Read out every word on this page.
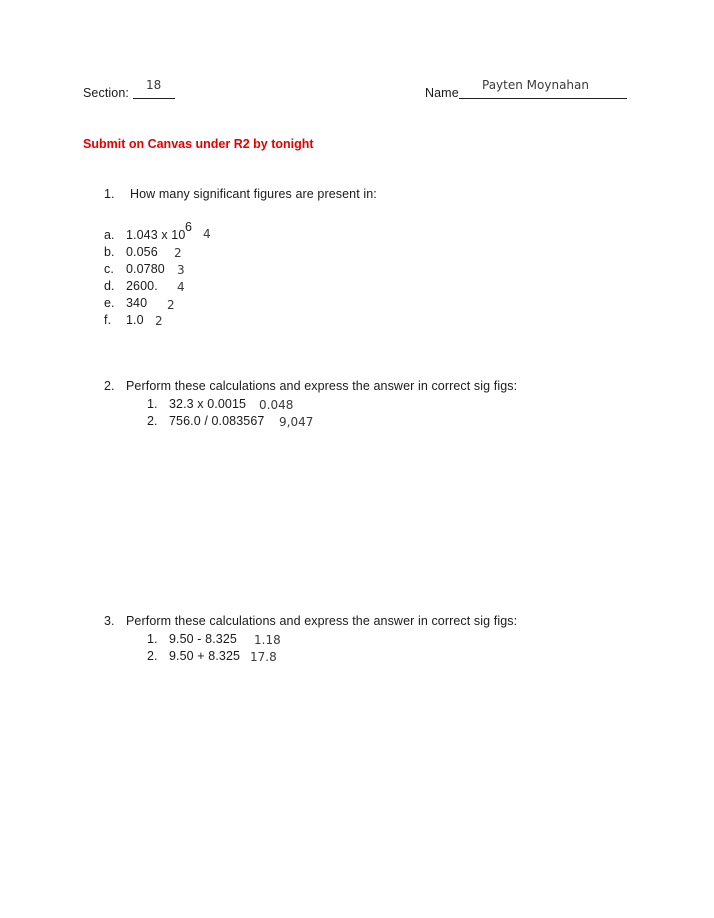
Section:
18
Name
Payten Moynahan
Submit on Canvas under R2 by tonight
1. How many significant figures are present in:
a. 1.043 x 10
6 4
b. 0.056 2
c. 0.0780 3
d. 2600. 4
e. 340 2
f. 1.0 2
2. Perform these calculations and express the answer in correct sig figs:
1. 32.3 x 0.0015 0.048
2. 756.0 / 0.083567 9,047
3. Perform these calculations and express the answer in correct sig figs:
1. 9.50 - 8.325 1.18
2. 9.50 + 8.325 17.8
